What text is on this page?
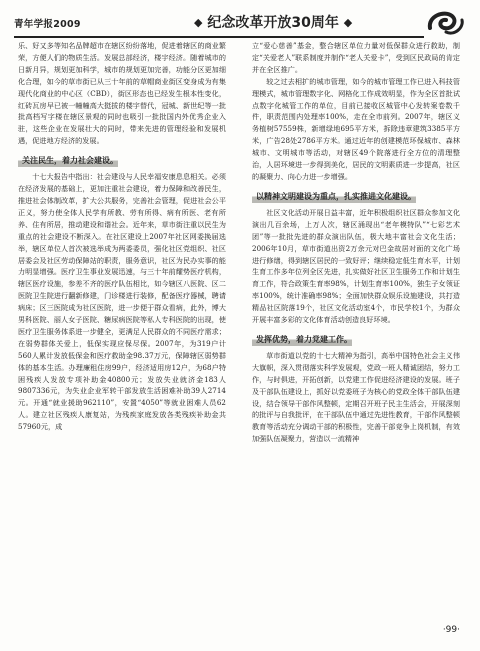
青年学报2009	◆ 纪念改革开放30周年 ◆

乐、好又多等知名品牌超市在辖区纷纷落地，促进着辖区的商业繁荣，方便人们的物质生活。发展总部经济，楼宇经济。随着城市的日新月异，规划更加科学，城市的规划更加完善，功能分区更加细化合理，如今的草市街已从三十年前的草帽商业街区变身成为有集现代化商业的中心区（CBD），街区形态也已经发生根本性变化，红砖瓦房早已被一幢幢高大挺拔的楼宇替代，冠城、新世纪等一批批高档写字楼在辖区景观的同时也吸引一批批国内外优秀企业入驻，这些企业在发展壮大的同时，带来先进的管理经验和发展机遇，促进地方经济的发展。

关注民生，着力社会建设。

十七大报告中指出：社会建设与人民幸福安康息息相关。必须在经济发展的基础上，更加注重社会建设，着力保障和改善民生，推进社会体制改革，扩大公共服务，完善社会管理，促进社会公平正义，努力使全体人民学有所教、劳有所得、病有所医、老有所养、住有所居，推动建设和谐社会。近年来，草市街注重以民生为重点的社会建设不断深入。在社区建设上2007年社区网委换届选举，辖区单位人首次被选举成为两委委员，强化社区党组织、社区居委会及社区劳动保障站的职责，服务意识，社区为民办实事的能力明显增强。医疗卫生事业发展迅速，与三十年前耀势医疗机构，辖区医疗设施，参差不齐的医疗队伍相比，如今辖区八医院、区二医院卫生院进行翻新修建，门诊楼进行装修，配备医疗器械，聘请病床；区三医院成为社区医院，进一步便于群众看病，此外，博大男科医院、丽人女子医院、糖尿病医院等私人专科医院的出现，使医疗卫生服务体系进一步健全，更满足人民群众的不同医疗需求；在弱势群体关爱上，低保实现应保尽保。2007年，为319户计560人累计发放低保金和医疗救助金98.37万元，保障辖区弱势群体的基本生活。办理廉租住房99户，经济适用房12户，为68户特困残疾人发放专项补助金40800元；发放失业就济金183人9807336元，为失业企业军转干部发放生活困难补助39人2714元。开通“就业援助962110”，安置“4050”等就业困难人员62人。建立社区残疾人康复站，为残疾家庭发放各类残疾补助金共57960元，成

立“爱心慈善”基金，整合辖区单位力量对低保群众进行救助，制定“关爱老人”联系制度并制作“老人关爱卡”，受到区民政局的肯定并在全区推广。

较之过去相扩的城市管理，如今的城市管理工作已进入科技管理模式，城市管理数字化、网格化工作成效明显，作为全区首批试点数字化城管工作的单位，目前已接收区城管中心发转案卷数千件，职责范围内处理率100%，走在全市前列。2007年，辖区义务植树57559株，新增绿地695平方米，拆除违章建筑3385平方米，广告28处2786平方米。通过近年的创建模范环保城市、森林城市、文明城市等活动，对辖区49个院落进行全方位的清理整治，人居环境进一步得到美化，居民的文明素质进一步提高，社区的凝聚力、向心力进一步增强。

以精神文明建设为重点，扎实推进文化建设。

社区文化活动开展日益丰富，近年积极组织社区群众参加文化演出几百余场，上万人次，辖区涌现出“老年模特队”“七彩艺术团”等一批批先进的群众演出队伍，极大地丰富社会文化生活；2006年10月，草市街道出资2万余元对巴金故居对面的文化广场进行修缮，得到辖区居民的一致好评；继续稳定低生育水平，计划生育工作多年位列全区先进，扎实做好社区卫生服务工作和计划生育工作，符合政策生育率98%，计划生育率100%，独生子女领证率100%，统计准确率98%；全面加快群众娱乐设施建设，共打造精品社区院落19个，社区文化活动室4个，市民学校1个，为群众开展丰富多彩的文化体育活动创造良好环境。

发挥优势，着力党建工作。

草市街道以党的十七大精神为指引，高举中国特色社会主义伟大旗帜，深入贯彻落实科学发展观，党政一班人精诚团结，努力工作，与时俱进，开拓创新，以党建工作促进经济建设的发展。班子及干部队伍建设上，抓好以党委班子为核心的党政全体干部队伍建设，结合领导干部作风整顿，定期召开班子民主生活会，开展深刻的批评与自我批评，在干部队伍中通过先进性教育，干部作风整顿教育等活动充分调动干部的积极性，完善干部竞争上岗机制，有效加强队伍凝聚力，营造以一流精神

·99·
